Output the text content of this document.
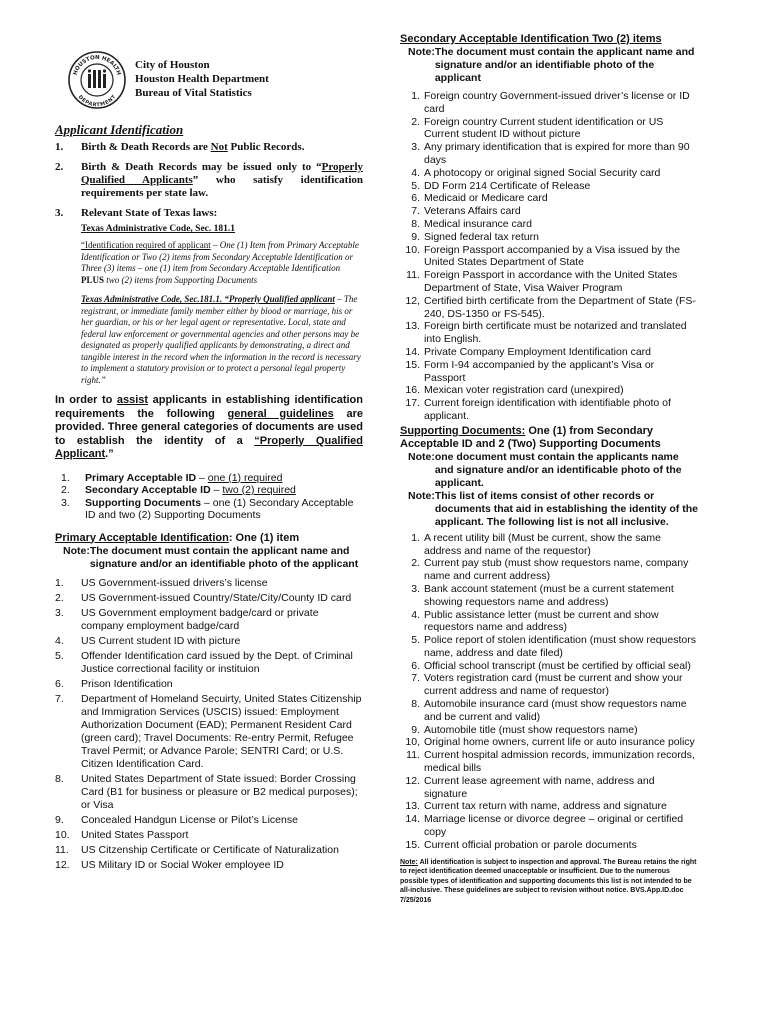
HOUSTON HEALTH
DEPARTMENT
City of Houston
Houston Health Department
Bureau of Vital Statistics
Applicant Identification
1.	Birth & Death Records are Not Public Records.
2.	Birth & Death Records may be issued only to “Properly Qualified Applicants” who satisfy identification requirements per state law.
3.	Relevant State of Texas laws:
Texas Administrative Code, Sec. 181.1
“Identification required of applicant – One (1) Item from Primary Acceptable Identification or Two (2) items from Secondary Acceptable Identification or Three (3) items – one (1) item from Secondary Acceptable Identification PLUS two (2) items from Supporting Documents
Texas Administrative Code, Sec.181.1. “Properly Qualified applicant – The registrant, or immediate family member either by blood or marriage, his or her guardian, or his or her legal agent or representative. Local, state and federal law enforcement or governmental agencies and other persons may be designated as properly qualified applicants by demonstrating, a direct and tangible interest in the record when the information in the record is necessary to implement a statutory provision or to protect a personal legal property right.”
In order to assist applicants in establishing identification requirements the following general guidelines are provided. Three general categories of documents are used to establish the identity of a “Properly Qualified Applicant.”
1.	Primary Acceptable ID – one (1) required
2.	Secondary Acceptable ID – two (2) required
3.	Supporting Documents – one (1) Secondary Acceptable ID and two (2) Supporting Documents
Primary Acceptable Identification: One (1) item
Note: The document must contain the applicant name and signature and/or an identifiable photo of the applicant
1.	US Government-issued drivers’s license
2.	US Government-issued Country/State/City/County ID card
3.	US Government employment badge/card or private company employment badge/card
4.	US Current student ID with picture
5.	Offender Identification card issued by the Dept. of Criminal Justice correctional facility or instituion
6.	Prison Identification
7.	Department of Homeland Secuirty, United States Citizenship and Immigration Services (USCIS) issued: Employment Authorization Document (EAD); Permanent Resident Card (green card); Travel Documents: Re-entry Permit, Refugee Travel Permit; or Advance Parole; SENTRI Card; or U.S. Citizen Identification Card.
8.	United States Department of State issued: Border Crossing Card (B1 for business or pleasure or B2 medical purposes); or Visa
9.	Concealed Handgun License or Pilot’s License
10.	United States Passport
11.	US Citzenship Certificate or Certificate of Naturalization
12.	US Military ID or Social Woker employee ID
Secondary Acceptable Identification Two (2) items
Note: The document must contain the applicant name and signature and/or an identifiable photo of the applicant
1. Foreign country Government-issued driver’s license or ID card
2. Foreign country Current student identification or US Current student ID without picture
3. Any primary identification that is expired for more than 90 days
4. A photocopy or original signed Social Security card
5. DD Form 214 Certificate of Release
6. Medicaid or Medicare card
7. Veterans Affairs card
8. Medical insurance card
9. Signed federal tax return
10. Foreign Passport accompanied by a Visa issued by the United States Department of State
11. Foreign Passport in accordance with the United States Department of State, Visa Waiver Program
12, Certified birth certificate from the Department of State (FS-240, DS-1350 or FS-545).
13. Foreign birth certificate must be notarized and translated into English.
14. Private Company Employment Identification card
15. Form I-94 accompanied by the applicant’s Visa or Passport
16. Mexican voter registration card (unexpired)
17. Current foreign identification with identifiable photo of applicant.
Supporting Documents: One (1) from Secondary Acceptable ID and 2 (Two) Supporting Documents
Note: one document must contain the applicants name and signature and/or an identificable photo of the applicant.
Note: This list of items consist of other records or documents that aid in establishing the identity of the applicant. The following list is not all inclusive.
1. A recent utility bill (Must be current, show the same address and name of the requestor)
2. Current pay stub (must show requestors name, company name and current address)
3. Bank account statement (must be a current statement showing requestors name and address)
4. Public assistance letter (must be current and show requestors name and address)
5. Police report of stolen identification (must show requestors name, address and date filed)
6. Official school transcript (must be certified by official seal)
7. Voters registration card (must be current and show your current address and name of requestor)
8. Automobile insurance card (must show requestors name and be current and valid)
9. Automobile title (must show requestors name)
10, Original home owners, current life or auto insurance policy
11. Current hospital admission records, immunization records, medical bills
12. Current lease agreement with name, address and signature
13. Current tax return with name, address and signature
14. Marriage license or divorce degree – original or certified copy
15. Current official probation or parole documents
Note: All identification is subject to inspection and approval. The Bureau retains the right to reject identification deemed unacceptable or insufficient. Due to the numerous possible types of identification and supporting documents this list is not intended to be all-inclusive. These guidelines are subject to revision without notice. BVS.App.ID.doc 7/25/2016
